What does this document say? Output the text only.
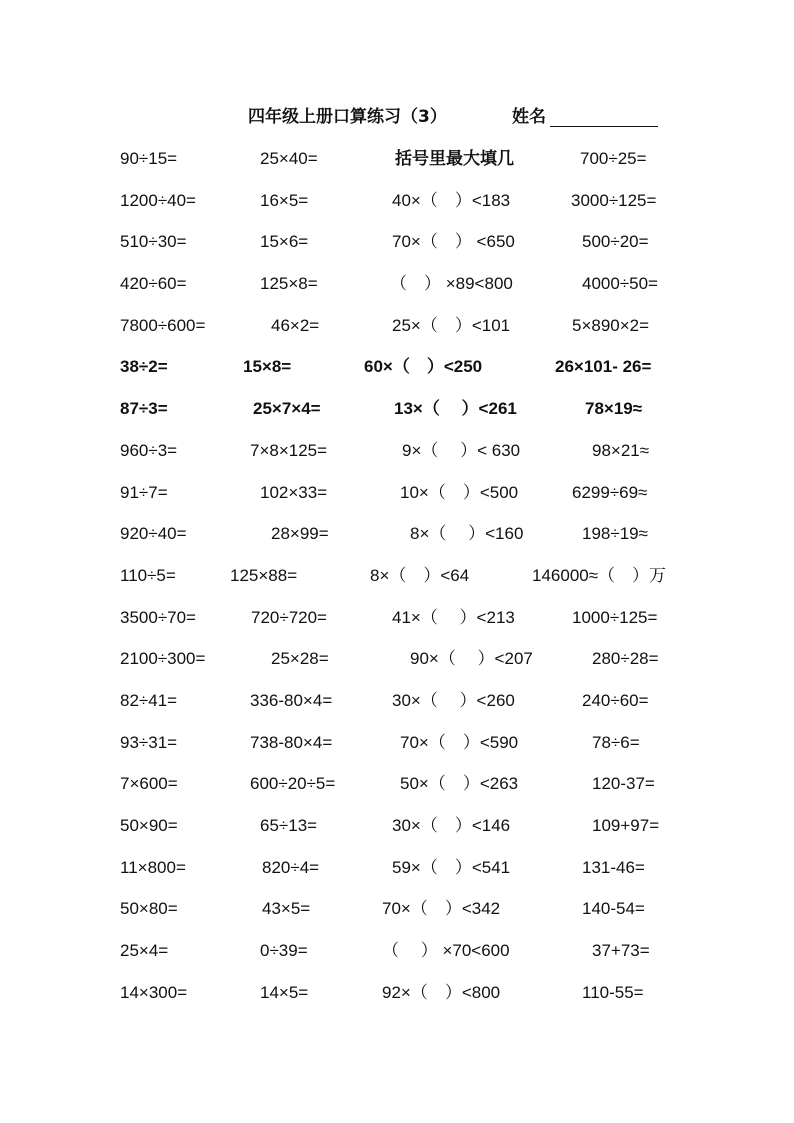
四年级上册口算练习（3）	姓名
90÷15=	25×40=	括号里最大填几	700÷25=
1200÷40=	16×5=	40×（　）<183	3000÷125=
510÷30=	15×6=	70×（　） <650	500÷20=
420÷60=	125×8=	（　） ×89<800	4000÷50=
7800÷600=	46×2=	25×（　）<101	5×890×2=
38÷2=	15×8=	60×（　）<250	26×101- 26=
87÷3=	25×7×4=	13×（　 ）<261	78×19≈
960÷3=	7×8×125=	9×（　 ）< 630	98×21≈
91÷7=	102×33=	10×（　）<500	6299÷69≈
920÷40=	28×99=	8×（　 ）<160	198÷19≈
110÷5=	125×88=	8×（　）<64	146000≈（　）万
3500÷70=	720÷720=	41×（　 ）<213	1000÷125=
2100÷300=	25×28=	90×（　 ）<207	280÷28=
82÷41=	336-80×4=	30×（　 ）<260	240÷60=
93÷31=	738-80×4=	70×（　）<590	78÷6=
7×600=	600÷20÷5=	50×（　）<263	120-37=
50×90=	65÷13=	30×（　）<146	109+97=
11×800=	820÷4=	59×（　）<541	131-46=
50×80=	43×5=	70×（　）<342	140-54=
25×4=	0÷39=	（　 ） ×70<600	37+73=
14×300=	14×5=	92×（　）<800	110-55=
